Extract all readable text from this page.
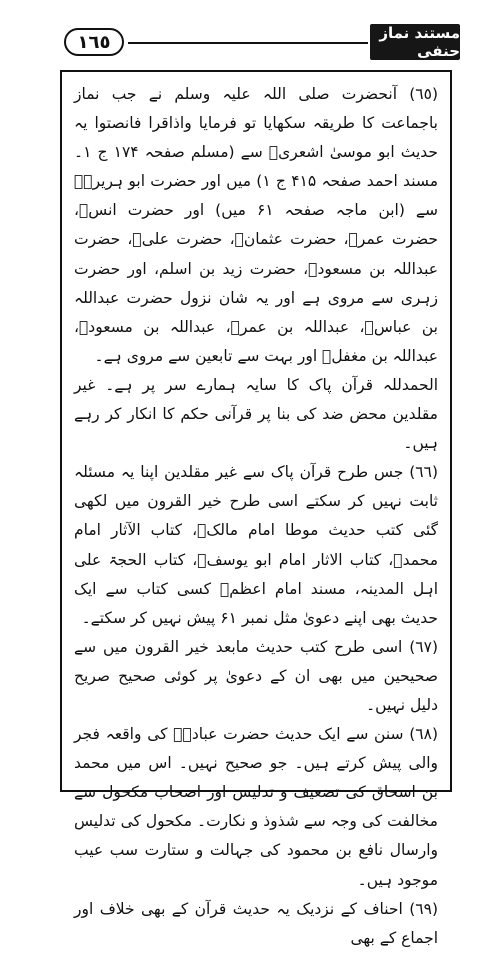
١٦٥	مستند نماز حنفی

(٦٥) آنحضرت صلی اللہ علیہ وسلم نے جب نماز باجماعت کا طریقہ سکھایا تو فرمایا واذاقرا فانصتوا یہ حدیث ابو موسیٰ اشعریؓ سے (مسلم صفحہ ۱۷۴ ج ۱۔ مسند احمد صفحہ ۴۱۵ ج ۱) میں اور حضرت ابو ہریرہؓ سے (ابن ماجہ صفحہ ۶۱ میں) اور حضرت انسؓ، حضرت عمرؓ، حضرت عثمانؓ، حضرت علیؓ، حضرت عبداللہ بن مسعودؓ، حضرت زید بن اسلم، اور حضرت زہری سے مروی ہے اور یہ شان نزول حضرت عبداللہ بن عباسؓ، عبداللہ بن عمرؓ، عبداللہ بن مسعودؓ، عبداللہ بن مغفلؓ اور بہت سے تابعین سے مروی ہے۔

الحمدللہ قرآن پاک کا سایہ ہمارے سر پر ہے۔ غیر مقلدین محض ضد کی بنا پر قرآنی حکم کا انکار کر رہے ہیں۔

(٦٦) جس طرح قرآن پاک سے غیر مقلدین اپنا یہ مسئلہ ثابت نہیں کر سکتے اسی طرح خیر القرون میں لکھی گئی کتب حدیث موطا امام مالکؒ، کتاب الآثار امام محمدؒ، کتاب الاثار امام ابو یوسفؒ، کتاب الحجۃ علی اہل المدینہ، مسند امام اعظمؒ کسی کتاب سے ایک حدیث بھی اپنے دعویٰ مثل نمبر ۶۱ پیش نہیں کر سکتے۔

(٦٧) اسی طرح کتب حدیث مابعد خیر القرون میں سے صحیحین میں بھی ان کے دعویٰ پر کوئی صحیح صریح دلیل نہیں۔

(٦٨) سنن سے ایک حدیث حضرت عبادہؓ کی واقعہ فجر والی پیش کرتے ہیں۔ جو صحیح نہیں۔ اس میں محمد بن اسحاق کی تضعیف و تدلیس اور اصحاب مکحول سے مخالفت کی وجہ سے شذوذ و نکارت۔ مکحول کی تدلیس وارسال نافع بن محمود کی جہالت و ستارت سب عیب موجود ہیں۔

(٦٩) احناف کے نزدیک یہ حدیث قرآن کے بھی خلاف اور اجماع کے بھی
